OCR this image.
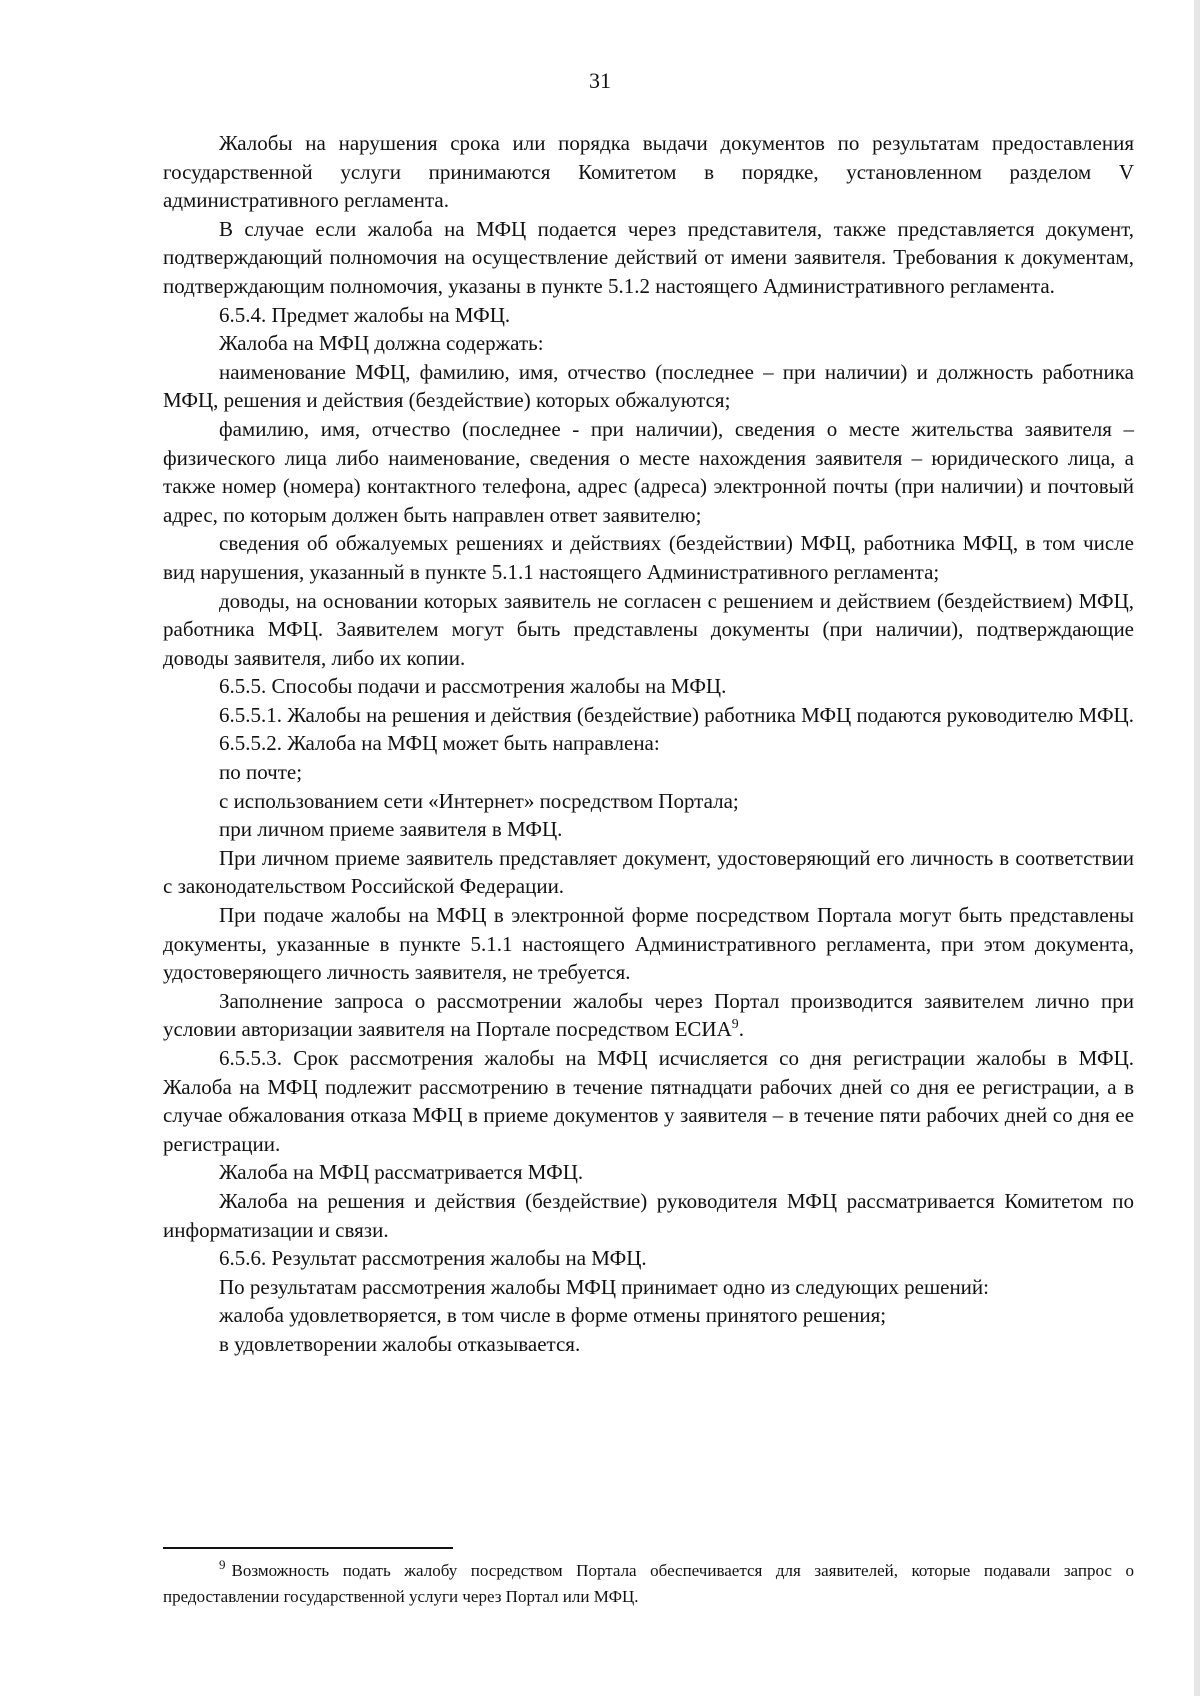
31

Жалобы на нарушения срока или порядка выдачи документов по результатам предоставления государственной услуги принимаются Комитетом в порядке, установленном разделом V административного регламента.

В случае если жалоба на МФЦ подается через представителя, также представляется документ, подтверждающий полномочия на осуществление действий от имени заявителя. Требования к документам, подтверждающим полномочия, указаны в пункте 5.1.2 настоящего Административного регламента.

6.5.4. Предмет жалобы на МФЦ.

Жалоба на МФЦ должна содержать:

наименование МФЦ, фамилию, имя, отчество (последнее – при наличии) и должность работника МФЦ, решения и действия (бездействие) которых обжалуются;

фамилию, имя, отчество (последнее - при наличии), сведения о месте жительства заявителя – физического лица либо наименование, сведения о месте нахождения заявителя – юридического лица, а также номер (номера) контактного телефона, адрес (адреса) электронной почты (при наличии) и почтовый адрес, по которым должен быть направлен ответ заявителю;

сведения об обжалуемых решениях и действиях (бездействии) МФЦ, работника МФЦ, в том числе вид нарушения, указанный в пункте 5.1.1 настоящего Административного регламента;

доводы, на основании которых заявитель не согласен с решением и действием (бездействием) МФЦ, работника МФЦ. Заявителем могут быть представлены документы (при наличии), подтверждающие доводы заявителя, либо их копии.

6.5.5. Способы подачи и рассмотрения жалобы на МФЦ.

6.5.5.1. Жалобы на решения и действия (бездействие) работника МФЦ подаются руководителю МФЦ.

6.5.5.2. Жалоба на МФЦ может быть направлена:

по почте;

с использованием сети «Интернет» посредством Портала;

при личном приеме заявителя в МФЦ.

При личном приеме заявитель представляет документ, удостоверяющий его личность в соответствии с законодательством Российской Федерации.

При подаче жалобы на МФЦ в электронной форме посредством Портала могут быть представлены документы, указанные в пункте 5.1.1 настоящего Административного регламента, при этом документа, удостоверяющего личность заявителя, не требуется.

Заполнение запроса о рассмотрении жалобы через Портал производится заявителем лично при условии авторизации заявителя на Портале посредством ЕСИА$^9$.

6.5.5.3. Срок рассмотрения жалобы на МФЦ исчисляется со дня регистрации жалобы в МФЦ. Жалоба на МФЦ подлежит рассмотрению в течение пятнадцати рабочих дней со дня ее регистрации, а в случае обжалования отказа МФЦ в приеме документов у заявителя – в течение пяти рабочих дней со дня ее регистрации.

Жалоба на МФЦ рассматривается МФЦ.

Жалоба на решения и действия (бездействие) руководителя МФЦ рассматривается Комитетом по информатизации и связи.

6.5.6. Результат рассмотрения жалобы на МФЦ.

По результатам рассмотрения жалобы МФЦ принимает одно из следующих решений:

жалоба удовлетворяется, в том числе в форме отмены принятого решения;

в удовлетворении жалобы отказывается.

$^9$ Возможность подать жалобу посредством Портала обеспечивается для заявителей, которые подавали запрос о предоставлении государственной услуги через Портал или МФЦ.
